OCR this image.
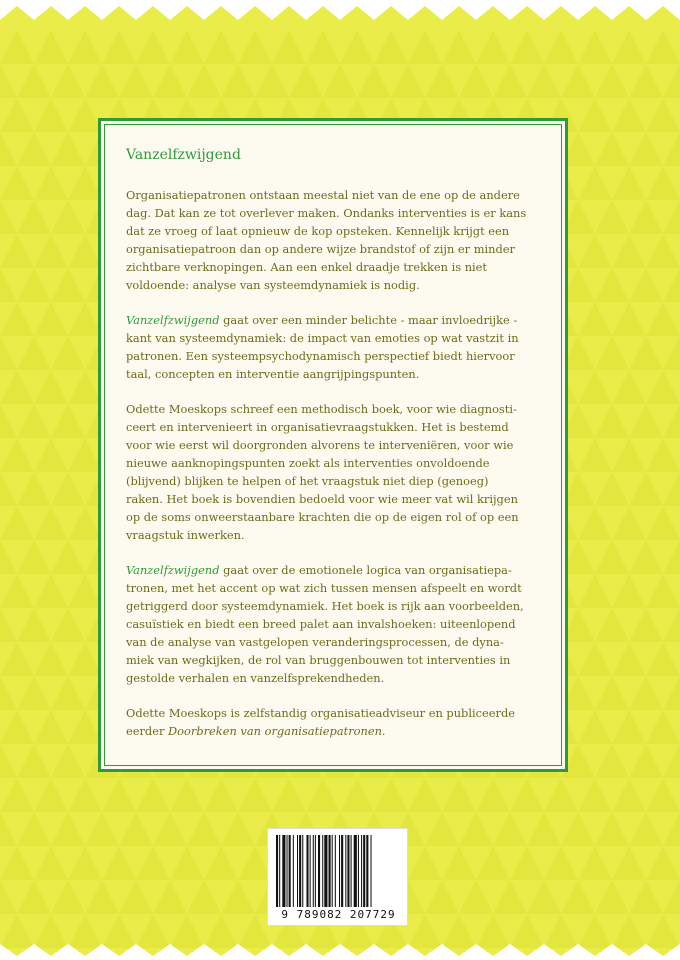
Vanzelfzwijgend

Organisatiepatronen ontstaan meestal niet van de ene op de andere
dag. Dat kan ze tot overlever maken. Ondanks interventies is er kans
dat ze vroeg of laat opnieuw de kop opsteken. Kennelijk krijgt een
organisatiepatroon dan op andere wijze brandstof of zijn er minder
zichtbare verknopingen. Aan een enkel draadje trekken is niet
voldoende: analyse van systeemdynamiek is nodig.

Vanzelfzwijgend gaat over een minder belichte - maar invloedrijke -
kant van systeemdynamiek: de impact van emoties op wat vastzit in
patronen. Een systeempsychodynamisch perspectief biedt hiervoor
taal, concepten en interventie aangrijpingspunten.

Odette Moeskops schreef een methodisch boek, voor wie diagnosti-
ceert en intervenieert in organisatievraagstukken. Het is bestemd
voor wie eerst wil doorgronden alvorens te interveniëren, voor wie
nieuwe aanknopingspunten zoekt als interventies onvoldoende
(blijvend) blijken te helpen of het vraagstuk niet diep (genoeg)
raken. Het boek is bovendien bedoeld voor wie meer vat wil krijgen
op de soms onweerstaanbare krachten die op de eigen rol of op een
vraagstuk inwerken.

Vanzelfzwijgend gaat over de emotionele logica van organisatiepa-
tronen, met het accent op wat zich tussen mensen afspeelt en wordt
getriggerd door systeemdynamiek. Het boek is rijk aan voorbeelden,
casuïstiek en biedt een breed palet aan invalshoeken: uiteenlopend
van de analyse van vastgelopen veranderingsprocessen, de dyna-
miek van wegkijken, de rol van bruggenbouwen tot interventies in
gestolde verhalen en vanzelfsprekendheden.

Odette Moeskops is zelfstandig organisatieadviseur en publiceerde
eerder Doorbreken van organisatiepatronen.

9 789082 207729
